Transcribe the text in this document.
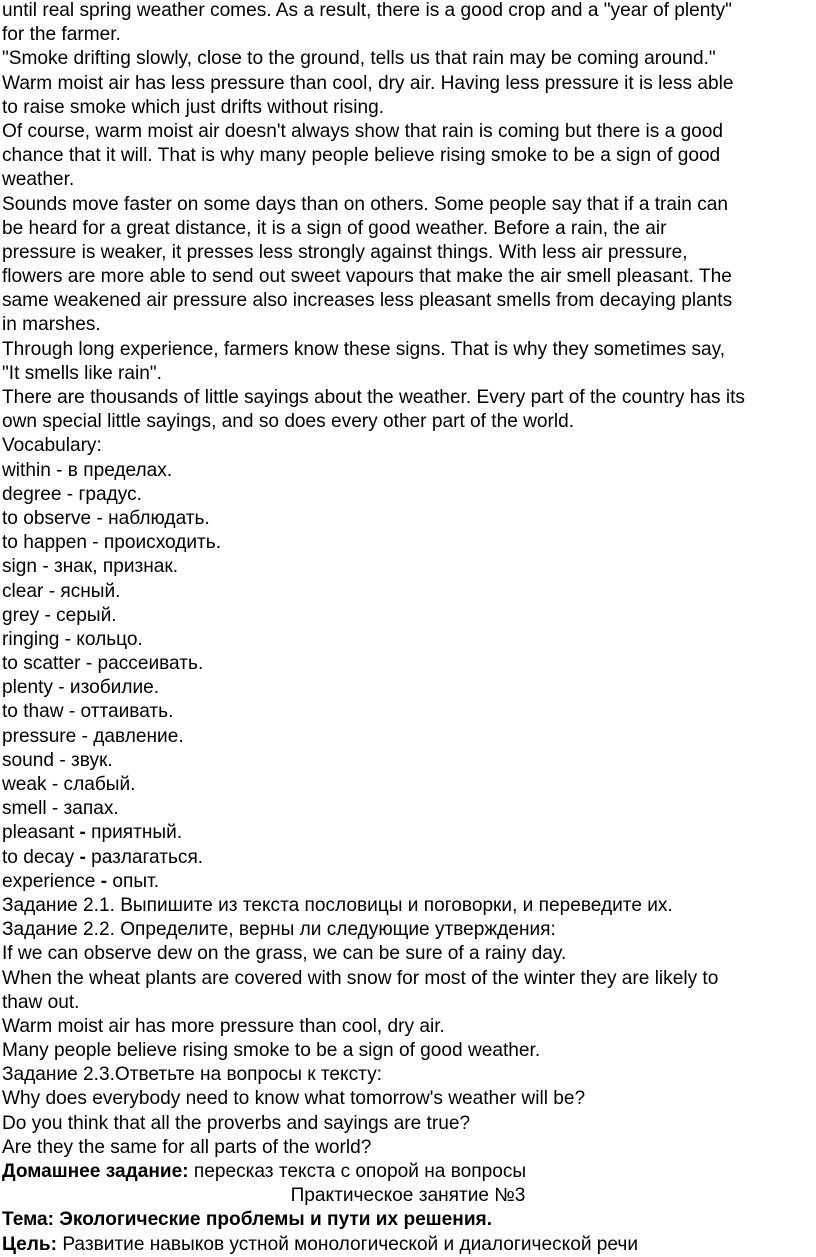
until real spring weather comes. As a result, there is a good crop and a "year of plenty"
for the farmer.
"Smoke drifting slowly, close to the ground, tells us that rain may be coming around."
Warm moist air has less pressure than cool, dry air. Having less pressure it is less able
to raise smoke which just drifts without rising.
Of course, warm moist air doesn't always show that rain is coming but there is a good
chance that it will. That is why many people believe rising smoke to be a sign of good
weather.
Sounds move faster on some days than on others. Some people say that if a train can
be heard for a great distance, it is a sign of good weather. Before a rain, the air
pressure is weaker, it presses less strongly against things. With less air pressure,
flowers are more able to send out sweet vapours that make the air smell pleasant. The
same weakened air pressure also increases less pleasant smells from decaying plants
in marshes.
Through long experience, farmers know these signs. That is why they sometimes say,
"It smells like rain".
There are thousands of little sayings about the weather. Every part of the country has its
own special little sayings, and so does every other part of the world.
Vocabulary:
within - в пределах.
degree - градус.
to observe - наблюдать.
to happen - происходить.
sign - знак, признак.
clear - ясный.
grey - серый.
ringing - кольцо.
to scatter - рассеивать.
plenty - изобилие.
to thaw - оттаивать.
pressure - давление.
sound - звук.
weak - слабый.
smell - запах.
pleasant - приятный.
to decay - разлагаться.
experience - опыт.
Задание 2.1. Выпишите из текста пословицы и поговорки, и переведите их.
Задание 2.2. Определите, верны ли следующие утверждения:
If we can observe dew on the grass, we can be sure of a rainy day.
When the wheat plants are covered with snow for most of the winter they are likely to
thaw out.
Warm moist air has more pressure than cool, dry air.
Many people believe rising smoke to be a sign of good weather.
Задание 2.3.Ответьте на вопросы к тексту:
Why does everybody need to know what tomorrow's weather will be?
Do you think that all the proverbs and sayings are true?
Are they the same for all parts of the world?
Домашнее задание: пересказ текста с опорой на вопросы
Практическое занятие №3
Тема: Экологические проблемы и пути их решения.
Цель: Развитие навыков устной монологической и диалогической речи
